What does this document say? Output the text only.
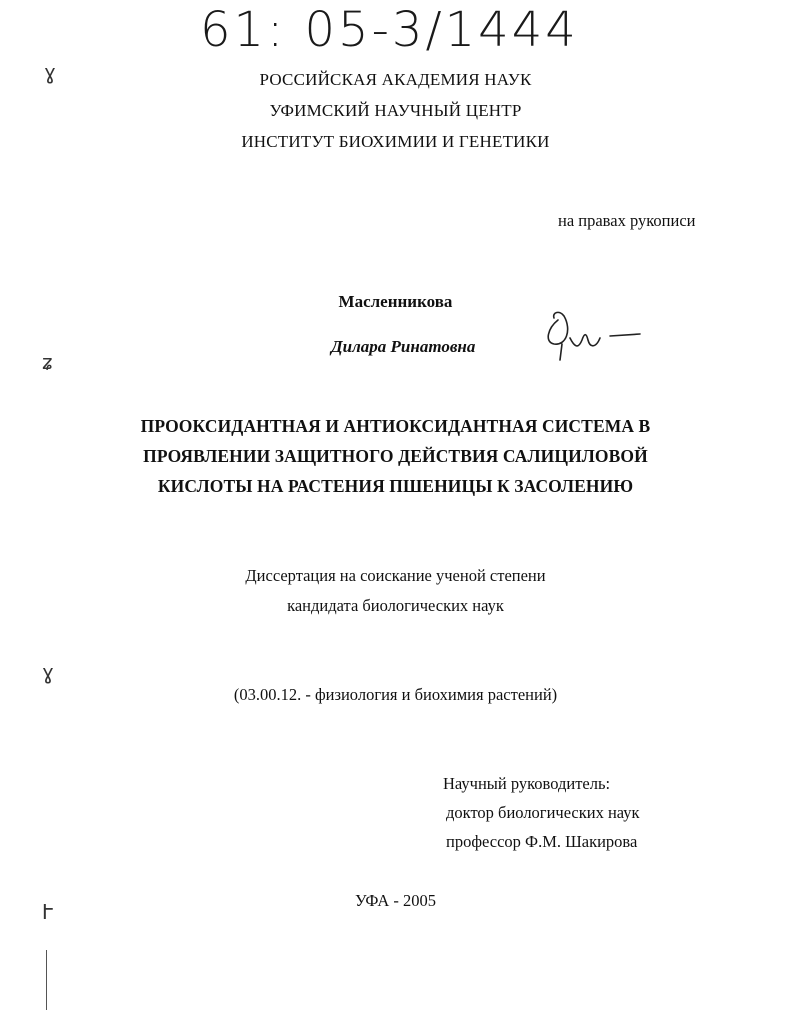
61: 05-3/1444
ɣ
ʑ
ɣ
Ւ
РОССИЙСКАЯ АКАДЕМИЯ НАУК
УФИМСКИЙ НАУЧНЫЙ ЦЕНТР
ИНСТИТУТ БИОХИМИИ И ГЕНЕТИКИ
на правах рукописи
Масленникова
Дилара Ринатовна
ПРООКСИДАНТНАЯ И АНТИОКСИДАНТНАЯ СИСТЕМА В
ПРОЯВЛЕНИИ ЗАЩИТНОГО ДЕЙСТВИЯ САЛИЦИЛОВОЙ
КИСЛОТЫ НА РАСТЕНИЯ ПШЕНИЦЫ К ЗАСОЛЕНИЮ
Диссертация на соискание ученой степени
кандидата биологических наук
(03.00.12. - физиология и биохимия растений)
Научный руководитель:
доктор биологических наук
профессор Ф.М. Шакирова
УФА - 2005
